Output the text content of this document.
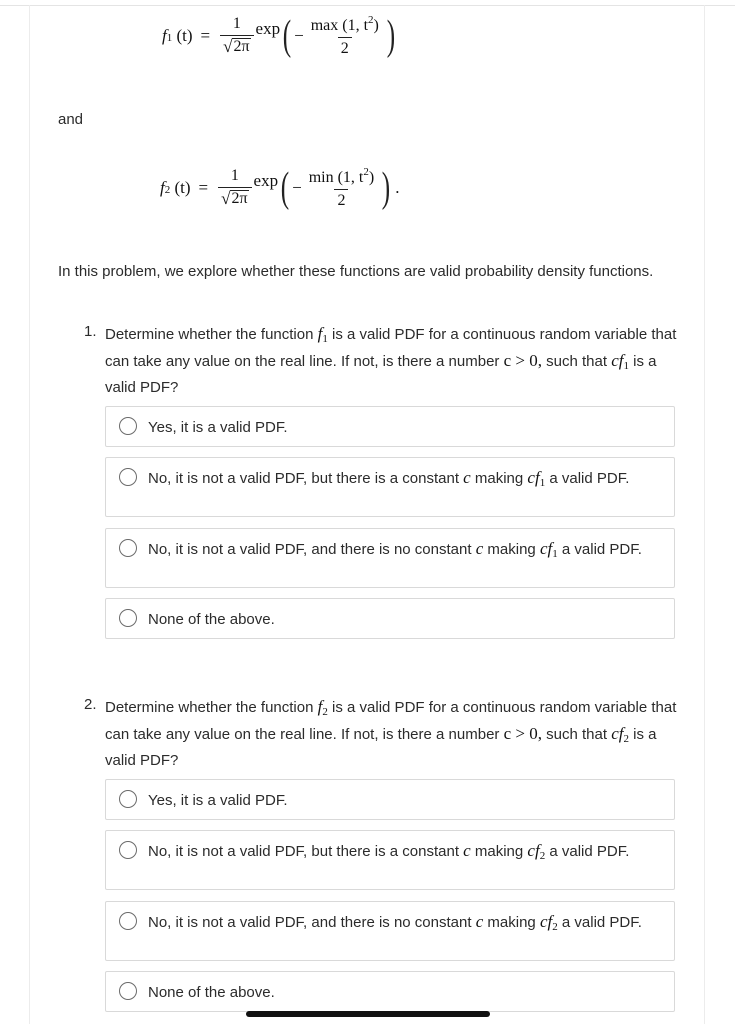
f 1
$(t) = \frac{1}{√ 2\pi}$ exp ( − $\frac{\max (1, t^2)}{2}$ )
and
f 2
$(t) = \frac{1}{√ 2\pi}$ exp ( − $\frac{\min (1, t^2)}{2}$ ) .
In this problem, we explore whether these functions are valid probability density functions.
1. Determine whether the function f1 is a valid PDF for a continuous random variable that can take any value on the real line. If not, is there a number c > 0, such that cf1 is a valid PDF?
Yes, it is a valid PDF.
No, it is not a valid PDF, but there is a constant c making cf1 a valid PDF.
No, it is not a valid PDF, and there is no constant c making cf1 a valid PDF.
None of the above.
2. Determine whether the function f2 is a valid PDF for a continuous random variable that can take any value on the real line. If not, is there a number c > 0, such that cf2 is a valid PDF?
Yes, it is a valid PDF.
No, it is not a valid PDF, but there is a constant c making cf2 a valid PDF.
No, it is not a valid PDF, and there is no constant c making cf2 a valid PDF.
None of the above.
